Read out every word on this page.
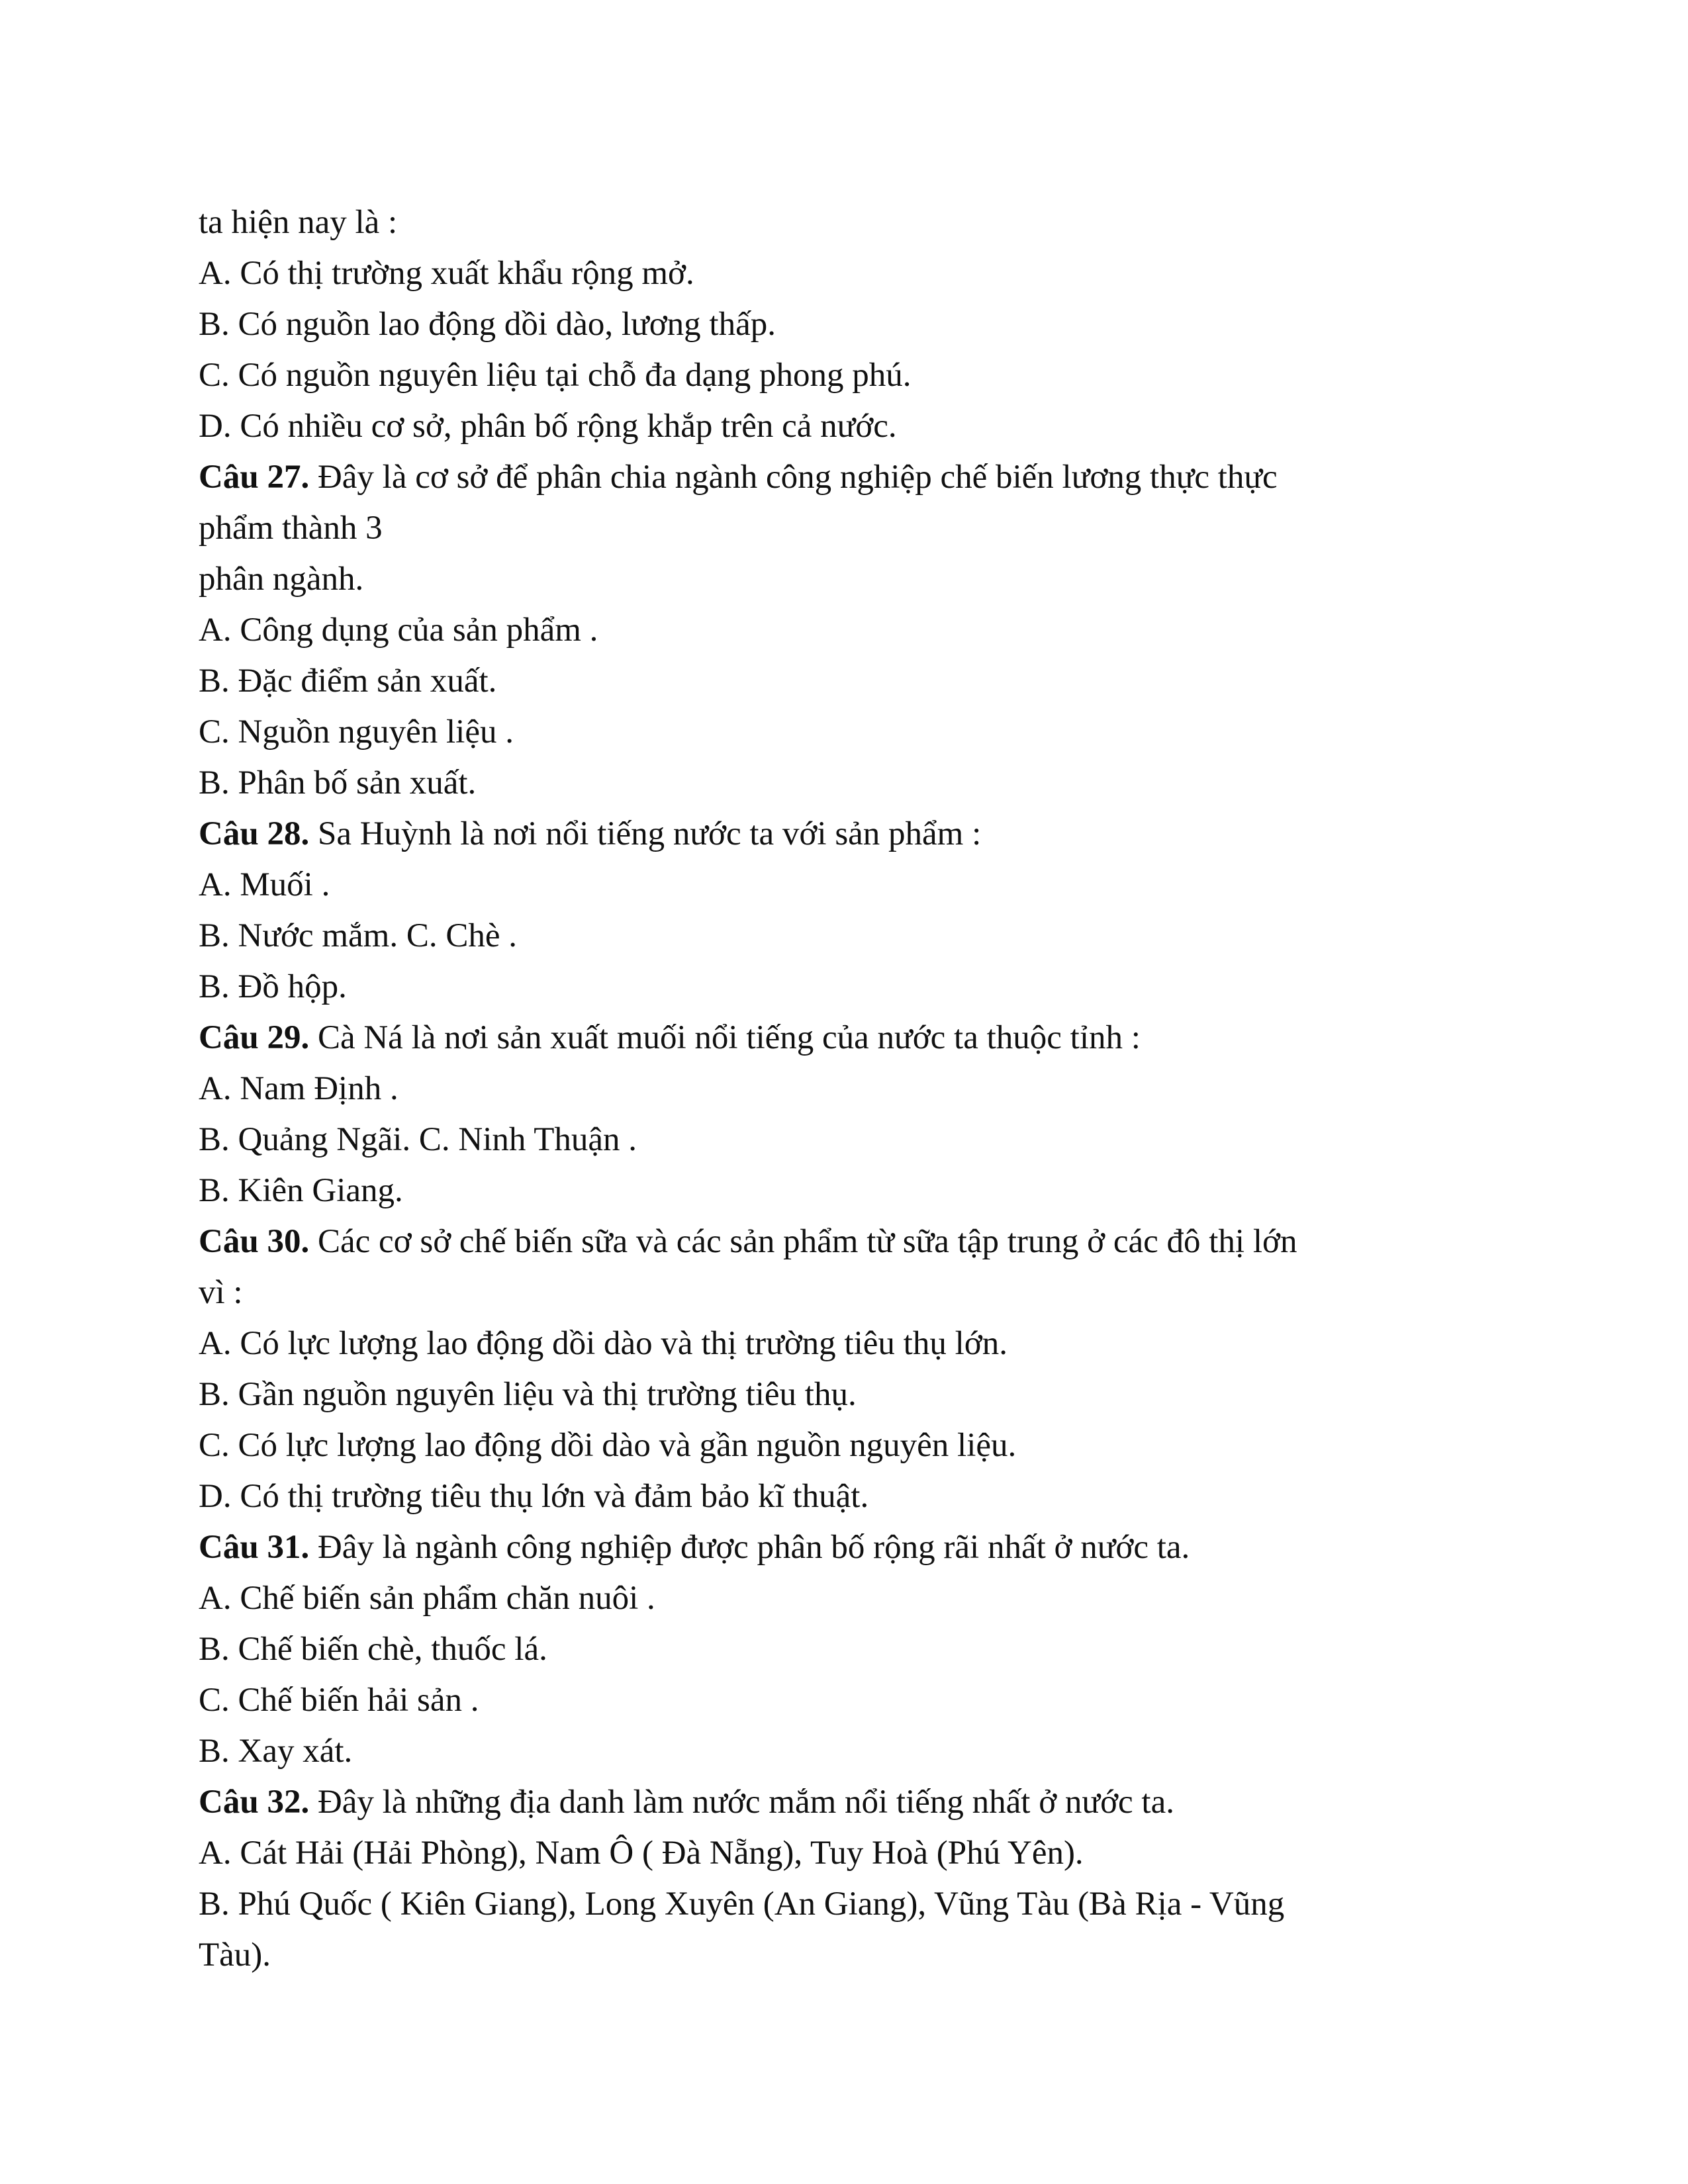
ta hiện nay là :
A. Có thị trường xuất khẩu rộng mở.
B. Có nguồn lao động dồi dào, lương thấp.
C. Có nguồn nguyên liệu tại chỗ đa dạng phong phú.
D. Có nhiều cơ sở, phân bố rộng khắp trên cả nước.
Câu 27. Đây là cơ sở để phân chia ngành công nghiệp chế biến lương thực thực
phẩm thành 3
phân ngành.
A. Công dụng của sản phẩm .
B. Đặc điểm sản xuất.
C. Nguồn nguyên liệu .
B. Phân bố sản xuất.
Câu 28. Sa Huỳnh là nơi nổi tiếng nước ta với sản phẩm :
A. Muối .
B. Nước mắm. C. Chè .
B. Đồ hộp.
Câu 29. Cà Ná là nơi sản xuất muối nổi tiếng của nước ta thuộc tỉnh :
A. Nam Định .
B. Quảng Ngãi. C. Ninh Thuận .
B. Kiên Giang.
Câu 30. Các cơ sở chế biến sữa và các sản phẩm từ sữa tập trung ở các đô thị lớn
vì :
A. Có lực lượng lao động dồi dào và thị trường tiêu thụ lớn.
B. Gần nguồn nguyên liệu và thị trường tiêu thụ.
C. Có lực lượng lao động dồi dào và gần nguồn nguyên liệu.
D. Có thị trường tiêu thụ lớn và đảm bảo kĩ thuật.
Câu 31. Đây là ngành công nghiệp được phân bố rộng rãi nhất ở nước ta.
A. Chế biến sản phẩm chăn nuôi .
B. Chế biến chè, thuốc lá.
C. Chế biến hải sản .
B. Xay xát.
Câu 32. Đây là những địa danh làm nước mắm nổi tiếng nhất ở nước ta.
A. Cát Hải (Hải Phòng), Nam Ô ( Đà Nẵng), Tuy Hoà (Phú Yên).
B. Phú Quốc ( Kiên Giang), Long Xuyên (An Giang), Vũng Tàu (Bà Rịa - Vũng
Tàu).
